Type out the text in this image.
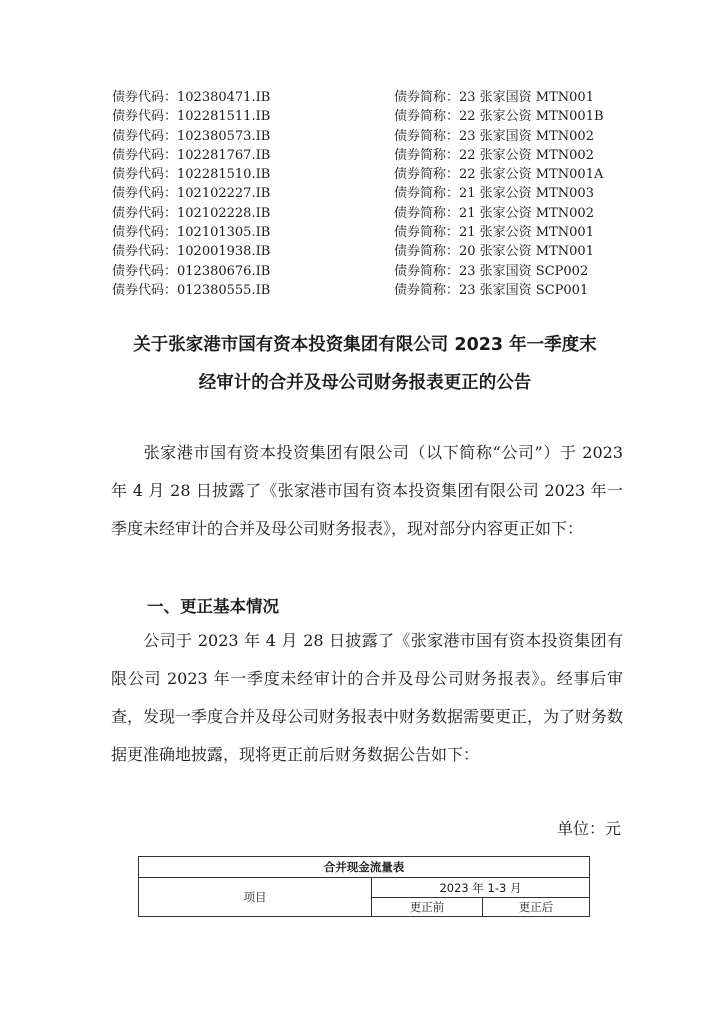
债券代码：102380471.IB	债券简称：23 张家国资 MTN001
债券代码：102281511.IB	债券简称：22 张家公资 MTN001B
债券代码：102380573.IB	债券简称：23 张家国资 MTN002
债券代码：102281767.IB	债券简称：22 张家公资 MTN002
债券代码：102281510.IB	债券简称：22 张家公资 MTN001A
债券代码：102102227.IB	债券简称：21 张家公资 MTN003
债券代码：102102228.IB	债券简称：21 张家公资 MTN002
债券代码：102101305.IB	债券简称：21 张家公资 MTN001
债券代码：102001938.IB	债券简称：20 张家公资 MTN001
债券代码：012380676.IB	债券简称：23 张家国资 SCP002
债券代码：012380555.IB	债券简称：23 张家国资 SCP001
关于张家港市国有资本投资集团有限公司 2023 年一季度末
经审计的合并及母公司财务报表更正的公告
张家港市国有资本投资集团有限公司（以下简称“公司”）于 2023 年 4 月 28 日披露了《张家港市国有资本投资集团有限公司 2023 年一季度未经审计的合并及母公司财务报表》，现对部分内容更正如下：
一、更正基本情况
公司于 2023 年 4 月 28 日披露了《张家港市国有资本投资集团有限公司 2023 年一季度未经审计的合并及母公司财务报表》。经事后审查，发现一季度合并及母公司财务报表中财务数据需要更正，为了财务数据更准确地披露，现将更正前后财务数据公告如下：
单位：元
合并现金流量表		
项目	2023 年 1-3 月	
	更正前	更正后
